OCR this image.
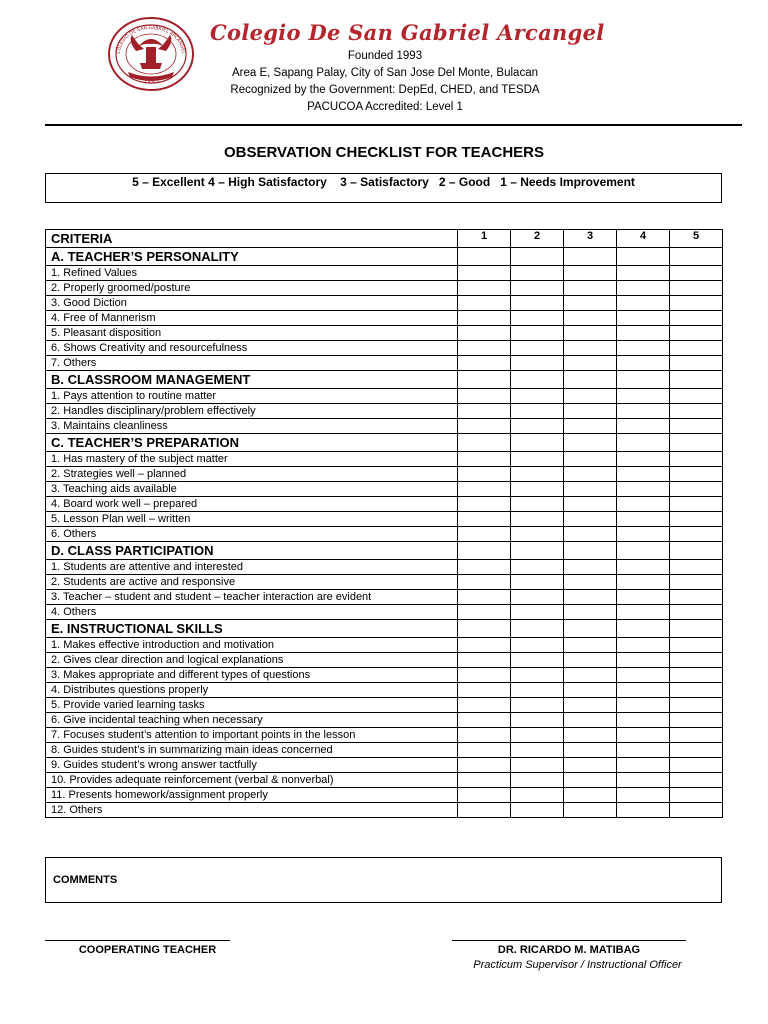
1993
COLEGIO DE SAN GABRIEL ARCANGEL
Colegio De San Gabriel Arcangel
Founded 1993
Area E, Sapang Palay, City of San Jose Del Monte, Bulacan
Recognized by the Government: DepEd, CHED, and TESDA
PACUCOA Accredited: Level 1
OBSERVATION CHECKLIST FOR TEACHERS
5 – Excellent 4 – High Satisfactory    3 – Satisfactory   2 – Good   1 – Needs Improvement
CRITERIA	1	2	3	4	5
A. TEACHER’S PERSONALITY					
1. Refined Values					
2. Properly groomed/posture					
3. Good Diction					
4. Free of Mannerism					
5. Pleasant disposition					
6. Shows Creativity and resourcefulness					
7. Others					
B. CLASSROOM MANAGEMENT					
1. Pays attention to routine matter					
2. Handles disciplinary/problem effectively					
3. Maintains cleanliness					
C. TEACHER’S PREPARATION					
1. Has mastery of the subject matter					
2. Strategies well – planned					
3. Teaching aids available					
4. Board work well – prepared					
5. Lesson Plan well – written					
6. Others					
D. CLASS PARTICIPATION					
1. Students are attentive and interested					
2. Students are active and responsive					
3. Teacher – student and student – teacher interaction are evident					
4. Others					
E. INSTRUCTIONAL SKILLS					
1. Makes effective introduction and motivation					
2. Gives clear direction and logical explanations					
3. Makes appropriate and different types of questions					
4. Distributes questions properly					
5. Provide varied learning tasks					
6. Give incidental teaching when necessary					
7. Focuses student’s attention to important points in the lesson					
8. Guides student’s in summarizing main ideas concerned					
9. Guides student’s wrong answer tactfully					
10. Provides adequate reinforcement (verbal & nonverbal)					
11. Presents homework/assignment properly					
12. Others					
COMMENTS
COOPERATING TEACHER	DR. RICARDO M. MATIBAG
Practicum Supervisor / Instructional Officer
